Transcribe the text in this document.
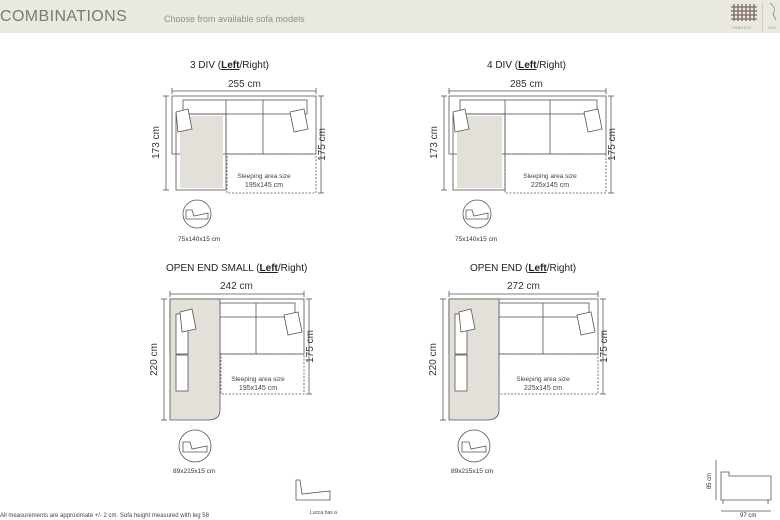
COMBINATIONS	Choose from available sofa models
FABRICS	LEG
3 DIV (Left/Right)
255 cm
173 cm	175 cm
Sleeping area size
195x145 cm
75x140x15 cm
4 DIV (Left/Right)
285 cm
173 cm	175 cm
Sleeping area size
225x145 cm
75x140x15 cm
OPEN END SMALL (Left/Right)
242 cm
220 cm	175 cm
Sleeping area size
195x145 cm
89x215x15 cm
OPEN END (Left/Right)
272 cm
220 cm	175 cm
Sleeping area size
225x145 cm
89x215x15 cm
All measurements are approximate +/- 2 cm. Sofa height measured with leg 58	Lucca has a
85 cm
97 cm
